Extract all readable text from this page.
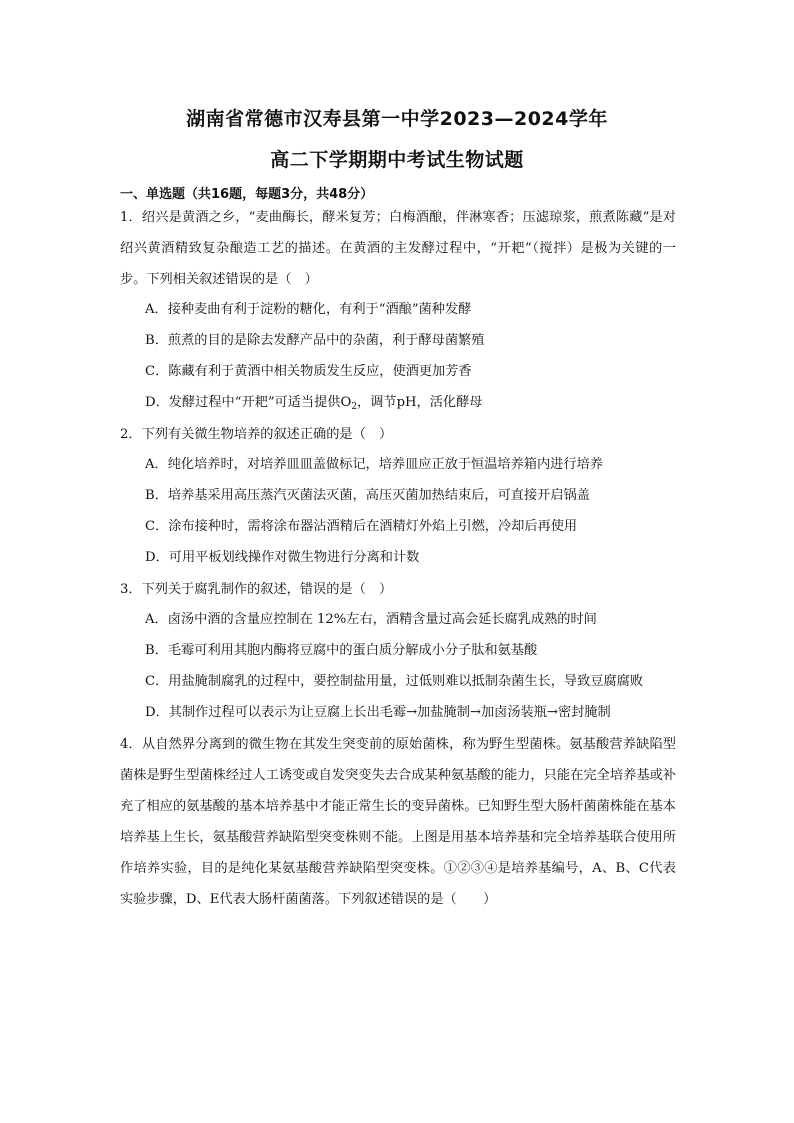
湖南省常德市汉寿县第一中学2023—2024学年
高二下学期期中考试生物试题
一、单选题（共16题，每题3分，共48分）
1．绍兴是黄酒之乡，“麦曲酶长，酵米复芳；白梅酒酿，伴淋寒香；压滤琼浆，煎煮陈藏”是对绍兴黄酒精致复杂酿造工艺的描述。在黄酒的主发酵过程中，“开耙”（搅拌）是极为关键的一步。下列相关叙述错误的是（　）
A．接种麦曲有利于淀粉的糖化，有利于“酒酿”菌种发酵
B．煎煮的目的是除去发酵产品中的杂菌，利于酵母菌繁殖
C．陈藏有利于黄酒中相关物质发生反应，使酒更加芳香
D．发酵过程中“开耙”可适当提供$O_2$，调节pH，活化酵母
2．下列有关微生物培养的叙述正确的是（　）
A．纯化培养时，对培养皿皿盖做标记，培养皿应正放于恒温培养箱内进行培养
B．培养基采用高压蒸汽灭菌法灭菌，高压灭菌加热结束后，可直接开启锅盖
C．涂布接种时，需将涂布器沾酒精后在酒精灯外焰上引燃，冷却后再使用
D．可用平板划线操作对微生物进行分离和计数
3．下列关于腐乳制作的叙述，错误的是（　）
A．卤汤中酒的含量应控制在 12%左右，酒精含量过高会延长腐乳成熟的时间
B．毛霉可利用其胞内酶将豆腐中的蛋白质分解成小分子肽和氨基酸
C．用盐腌制腐乳的过程中，要控制盐用量，过低则难以抵制杂菌生长，导致豆腐腐败
D．其制作过程可以表示为让豆腐上长出毛霉→加盐腌制→加卤汤装瓶→密封腌制
4．从自然界分离到的微生物在其发生突变前的原始菌株，称为野生型菌株。氨基酸营养缺陷型菌株是野生型菌株经过人工诱变或自发突变失去合成某种氨基酸的能力，只能在完全培养基或补充了相应的氨基酸的基本培养基中才能正常生长的变异菌株。已知野生型大肠杆菌菌株能在基本培养基上生长，氨基酸营养缺陷型突变株则不能。上图是用基本培养基和完全培养基联合使用所作培养实验，目的是纯化某氨基酸营养缺陷型突变株。①②③④是培养基编号，A、B、C代表实验步骤，D、E代表大肠杆菌菌落。下列叙述错误的是（　　）
